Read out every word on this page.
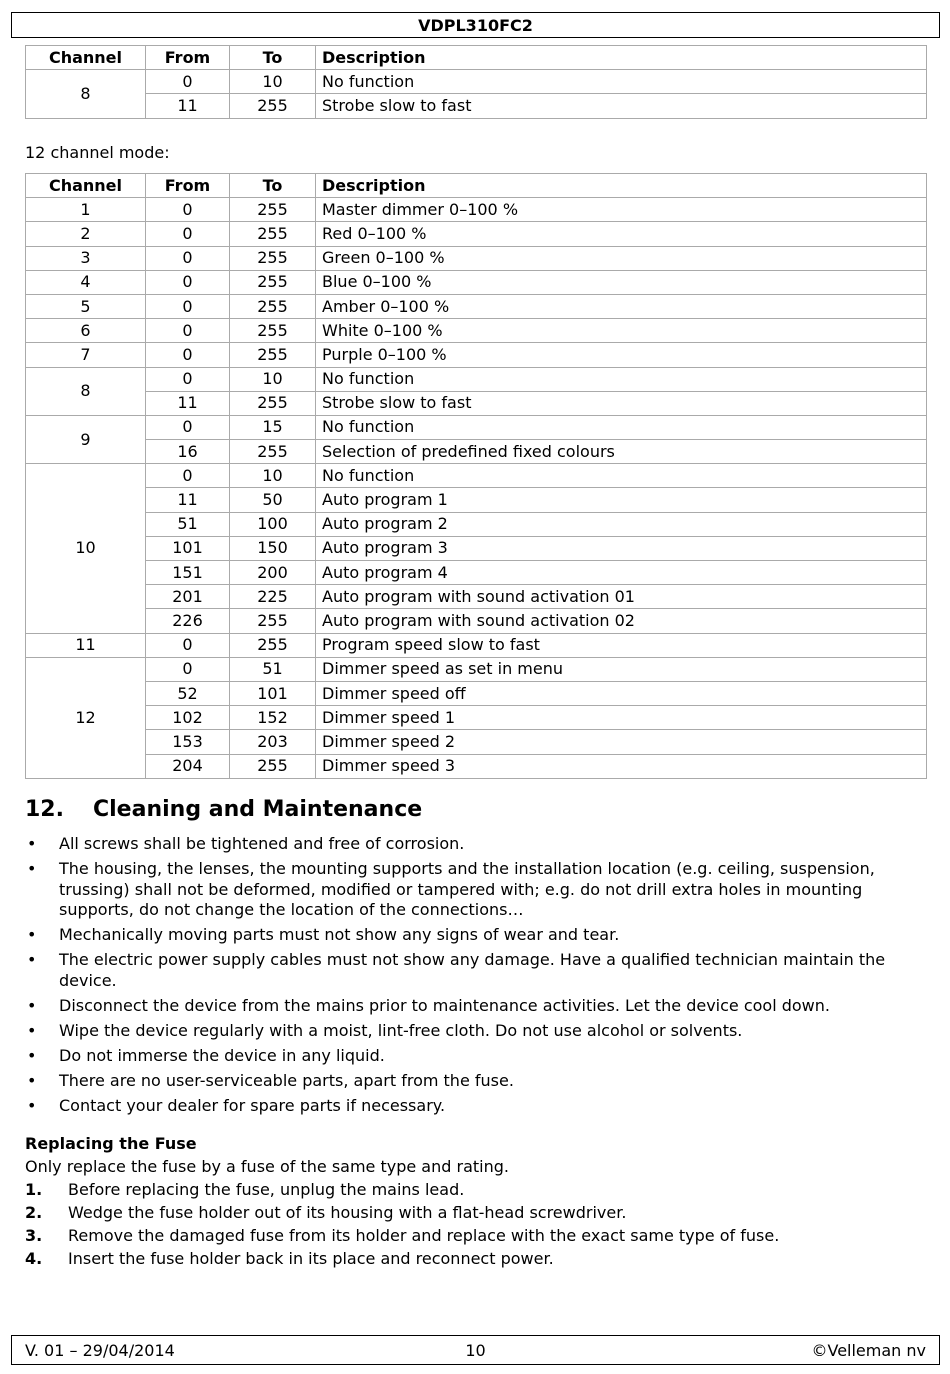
VDPL310FC2
Channel	From	To	Description
8	0	10	No function
	11	255	Strobe slow to fast
12 channel mode:
Channel	From	To	Description
1	0	255	Master dimmer 0–100 %
2	0	255	Red 0–100 %
3	0	255	Green 0–100 %
4	0	255	Blue 0–100 %
5	0	255	Amber 0–100 %
6	0	255	White 0–100 %
7	0	255	Purple 0–100 %
8	0	10	No function
	11	255	Strobe slow to fast
9	0	15	No function
	16	255	Selection of predefined fixed colours
10	0	10	No function
	11	50	Auto program 1
	51	100	Auto program 2
	101	150	Auto program 3
	151	200	Auto program 4
	201	225	Auto program with sound activation 01
	226	255	Auto program with sound activation 02
11	0	255	Program speed slow to fast
12	0	51	Dimmer speed as set in menu
	52	101	Dimmer speed off
	102	152	Dimmer speed 1
	153	203	Dimmer speed 2
	204	255	Dimmer speed 3
12. Cleaning and Maintenance
• All screws shall be tightened and free of corrosion.
• The housing, the lenses, the mounting supports and the installation location (e.g. ceiling, suspension, trussing) shall not be deformed, modified or tampered with; e.g. do not drill extra holes in mounting supports, do not change the location of the connections…
• Mechanically moving parts must not show any signs of wear and tear.
• The electric power supply cables must not show any damage. Have a qualified technician maintain the device.
• Disconnect the device from the mains prior to maintenance activities. Let the device cool down.
• Wipe the device regularly with a moist, lint-free cloth. Do not use alcohol or solvents.
• Do not immerse the device in any liquid.
• There are no user-serviceable parts, apart from the fuse.
• Contact your dealer for spare parts if necessary.
Replacing the Fuse
Only replace the fuse by a fuse of the same type and rating.
1. Before replacing the fuse, unplug the mains lead.
2. Wedge the fuse holder out of its housing with a flat-head screwdriver.
3. Remove the damaged fuse from its holder and replace with the exact same type of fuse.
4. Insert the fuse holder back in its place and reconnect power.
V. 01 – 29/04/2014	10	©Velleman nv
